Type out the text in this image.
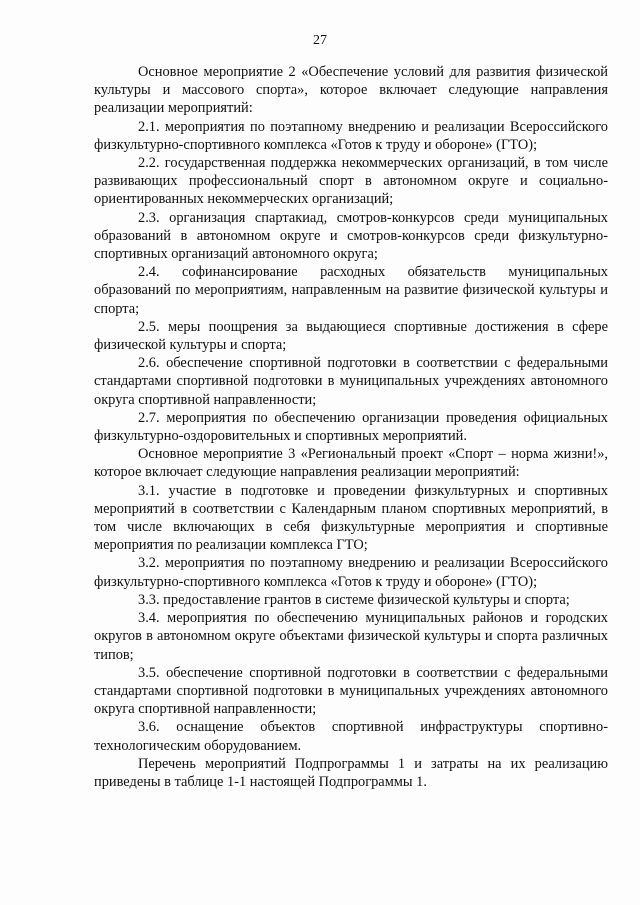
27

Основное мероприятие 2 «Обеспечение условий для развития физической культуры и массового спорта», которое включает следующие направления реализации мероприятий:

2.1. мероприятия по поэтапному внедрению и реализации Всероссийского физкультурно-спортивного комплекса «Готов к труду и обороне» (ГТО);

2.2. государственная поддержка некоммерческих организаций, в том числе развивающих профессиональный спорт в автономном округе и социально-ориентированных некоммерческих организаций;

2.3. организация спартакиад, смотров-конкурсов среди муниципальных образований в автономном округе и смотров-конкурсов среди физкультурно-спортивных организаций автономного округа;

2.4. софинансирование расходных обязательств муниципальных образований по мероприятиям, направленным на развитие физической культуры и спорта;

2.5. меры поощрения за выдающиеся спортивные достижения в сфере физической культуры и спорта;

2.6. обеспечение спортивной подготовки в соответствии с федеральными стандартами спортивной подготовки в муниципальных учреждениях автономного округа спортивной направленности;

2.7. мероприятия по обеспечению организации проведения официальных физкультурно-оздоровительных и спортивных мероприятий.

Основное мероприятие 3 «Региональный проект «Спорт – норма жизни!», которое включает следующие направления реализации мероприятий:

3.1. участие в подготовке и проведении физкультурных и спортивных мероприятий в соответствии с Календарным планом спортивных мероприятий, в том числе включающих в себя физкультурные мероприятия и спортивные мероприятия по реализации комплекса ГТО;

3.2. мероприятия по поэтапному внедрению и реализации Всероссийского физкультурно-спортивного комплекса «Готов к труду и обороне» (ГТО);

3.3. предоставление грантов в системе физической культуры и спорта;

3.4. мероприятия по обеспечению муниципальных районов и городских округов в автономном округе объектами физической культуры и спорта различных типов;

3.5. обеспечение спортивной подготовки в соответствии с федеральными стандартами спортивной подготовки в муниципальных учреждениях автономного округа спортивной направленности;

3.6. оснащение объектов спортивной инфраструктуры спортивно-технологическим оборудованием.

Перечень мероприятий Подпрограммы 1 и затраты на их реализацию приведены в таблице 1-1 настоящей Подпрограммы 1.
